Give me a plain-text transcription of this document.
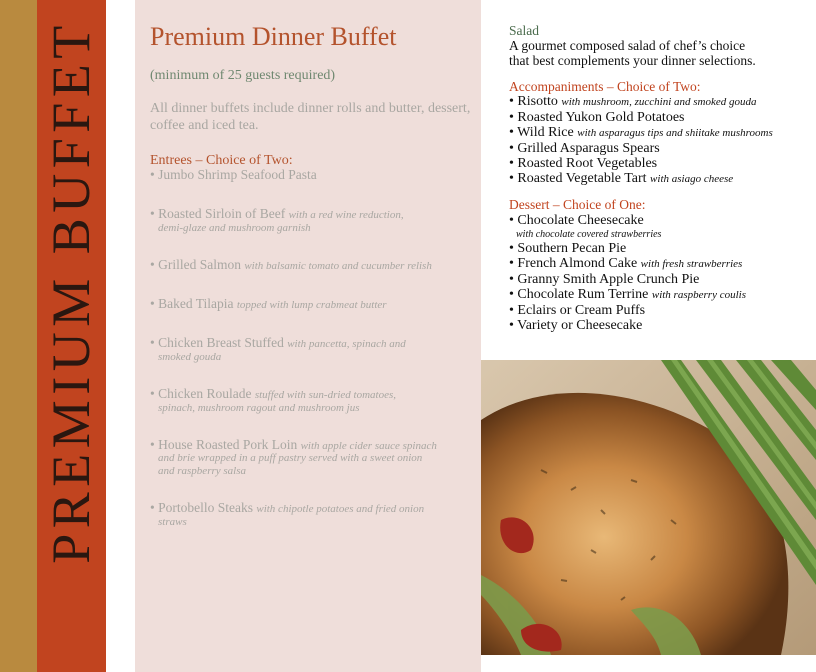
PREMIUM BUFFET Premium Dinner Buffet
(minimum of 25 guests required)
All dinner buffets include dinner rolls and butter, dessert, coffee and iced tea.
Entrees – Choice of Two:
• Jumbo Shrimp Seafood Pasta
• Roasted Sirloin of Beef with a red wine reduction,
demi-glaze and mushroom garnish
• Grilled Salmon with balsamic tomato and cucumber relish
• Baked Tilapia topped with lump crabmeat butter
• Chicken Breast Stuffed with pancetta, spinach and
smoked gouda
• Chicken Roulade stuffed with sun-dried tomatoes,
spinach, mushroom ragout and mushroom jus
• House Roasted Pork Loin with apple cider sauce spinach
and brie wrapped in a puff pastry served with a sweet onion
and raspberry salsa
• Portobello Steaks with chipotle potatoes and fried onion
straws
Salad
A gourmet composed salad of chef’s choice
that best complements your dinner selections.
Accompaniments – Choice of Two:
• Risotto with mushroom, zucchini and smoked gouda
• Roasted Yukon Gold Potatoes
• Wild Rice with asparagus tips and shiitake mushrooms
• Grilled Asparagus Spears
• Roasted Root Vegetables
• Roasted Vegetable Tart with asiago cheese
Dessert – Choice of One:
• Chocolate Cheesecake
with chocolate covered strawberries
• Southern Pecan Pie
• French Almond Cake with fresh strawberries
• Granny Smith Apple Crunch Pie
• Chocolate Rum Terrine with raspberry coulis
• Eclairs or Cream Puffs
• Variety or Cheesecake
